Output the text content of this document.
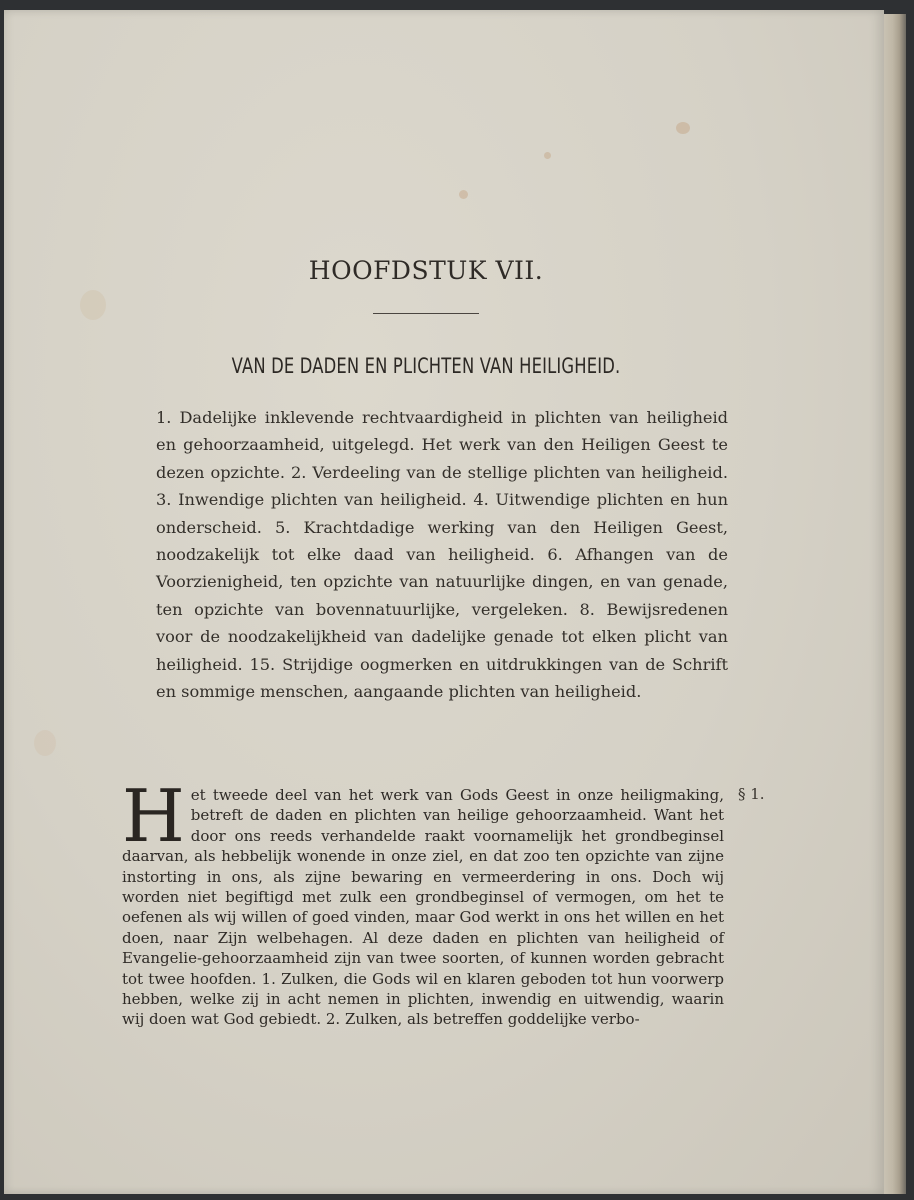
HOOFDSTUK VII.
VAN DE DADEN EN PLICHTEN VAN HEILIGHEID.
1. Dadelijke inklevende rechtvaardigheid in plichten van heiligheid en gehoorzaamheid, uitgelegd. Het werk van den Heiligen Geest te dezen opzichte. 2. Verdeeling van de stellige plichten van heiligheid. 3. Inwendige plichten van heiligheid. 4. Uitwendige plichten en hun onderscheid. 5. Krachtdadige werking van den Heiligen Geest, noodzakelijk tot elke daad van heiligheid. 6. Afhangen van de Voorzienigheid, ten opzichte van natuurlijke dingen, en van genade, ten opzichte van bovennatuurlijke, vergeleken. 8. Bewijsredenen voor de noodzakelijkheid van dadelijke genade tot elken plicht van heiligheid. 15. Strijdige oogmerken en uitdrukkingen van de Schrift en sommige menschen, aangaande plichten van heiligheid.
Het tweede deel van het werk van Gods Geest in onze heiligmaking, betreft de daden en plichten van heilige gehoorzaamheid. Want het door ons reeds verhandelde raakt voornamelijk het grondbeginsel daarvan, als hebbelijk wonende in onze ziel, en dat zoo ten opzichte van zijne instorting in ons, als zijne bewaring en vermeerdering in ons. Doch wij worden niet begiftigd met zulk een grondbeginsel of vermogen, om het te oefenen als wij willen of goed vinden, maar God werkt in ons het willen en het doen, naar Zijn welbehagen. Al deze daden en plichten van heiligheid of Evangelie-gehoorzaamheid zijn van twee soorten, of kunnen worden gebracht tot twee hoofden. 1. Zulken, die Gods wil en klaren geboden tot hun voorwerp hebben, welke zij in acht nemen in plichten, inwendig en uitwendig, waarin wij doen wat God gebiedt. 2. Zulken, als betreffen goddelijke verbo-
§ 1.
